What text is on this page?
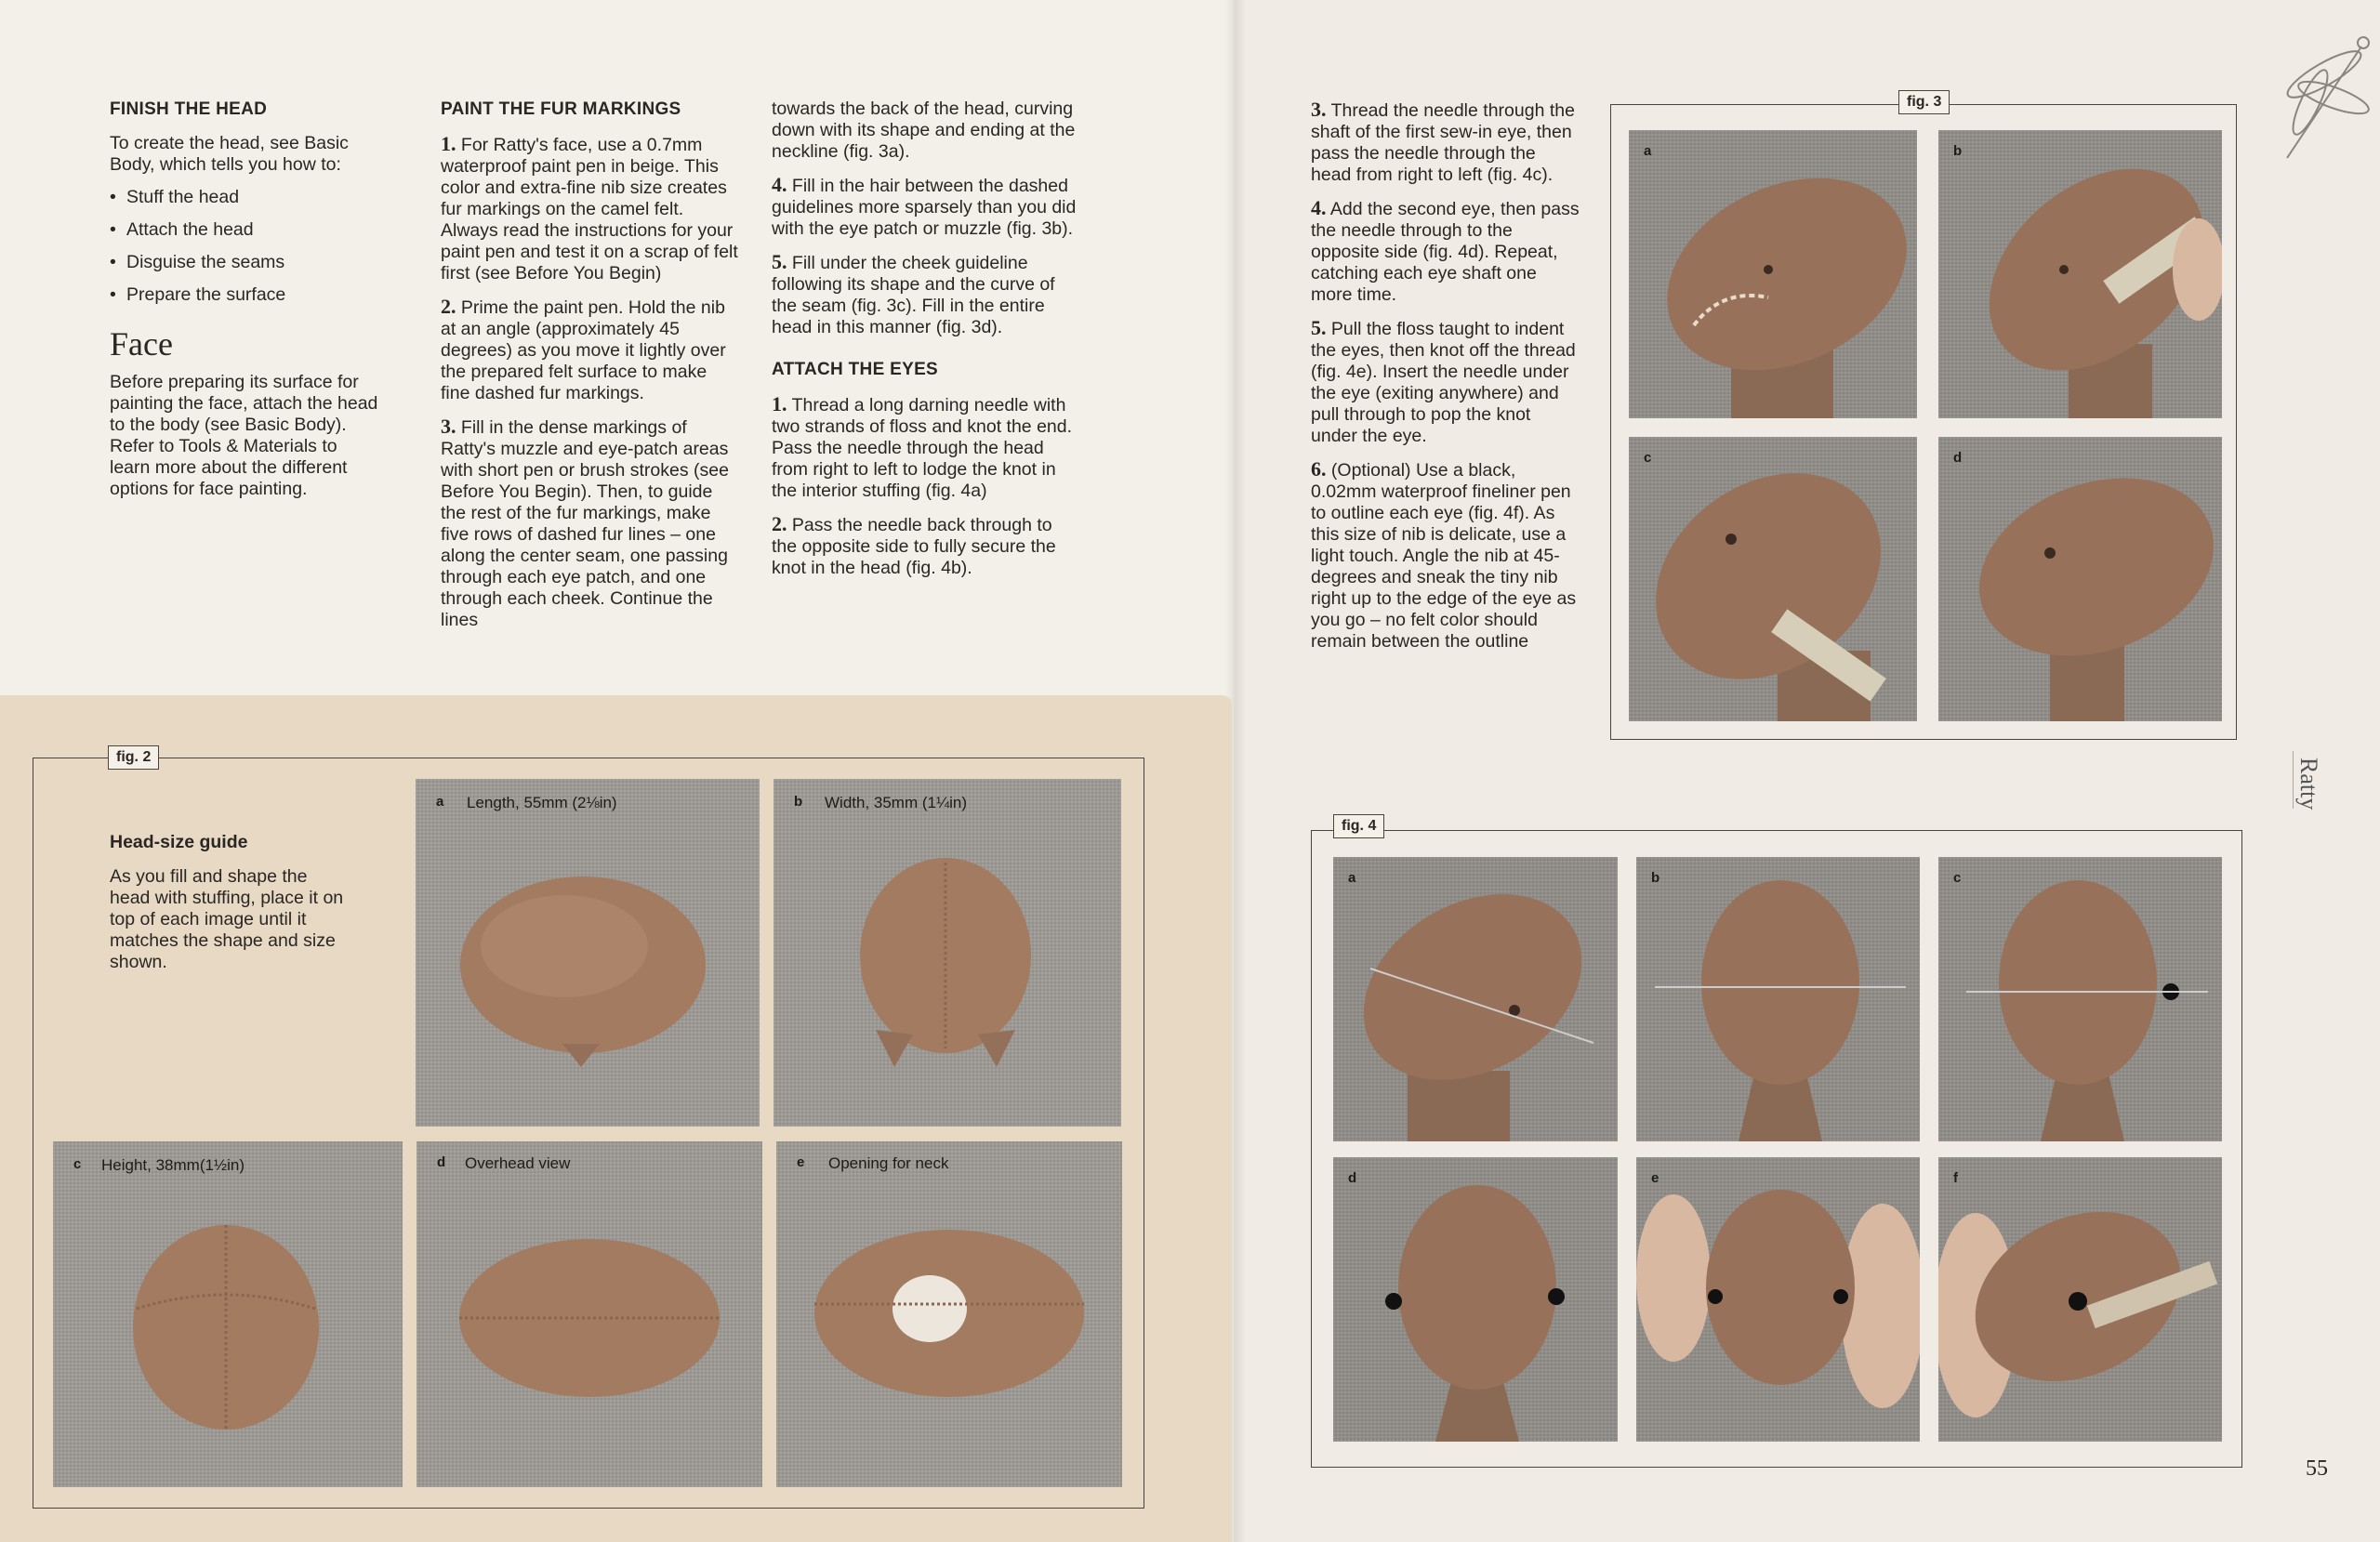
FINISH THE HEAD

To create the head, see Basic Body, which tells you how to:

• Stuff the head
• Attach the head
• Disguise the seams
• Prepare the surface
Face

Before preparing its surface for painting the face, attach the head to the body (see Basic Body). Refer to Tools & Materials to learn more about the different options for face painting.

PAINT THE FUR MARKINGS

1. For Ratty's face, use a 0.7mm waterproof paint pen in beige. This color and extra-fine nib size creates fur markings on the camel felt. Always read the instructions for your paint pen and test it on a scrap of felt first (see Before You Begin)

2. Prime the paint pen. Hold the nib at an angle (approximately 45 degrees) as you move it lightly over the prepared felt surface to make fine dashed fur markings.

3. Fill in the dense markings of Ratty's muzzle and eye-patch areas with short pen or brush strokes (see Before You Begin). Then, to guide the rest of the fur markings, make five rows of dashed fur lines – one along the center seam, one passing through each eye patch, and one through each cheek. Continue the lines

towards the back of the head, curving down with its shape and ending at the neckline (fig. 3a).

4. Fill in the hair between the dashed guidelines more sparsely than you did with the eye patch or muzzle (fig. 3b).

5. Fill under the cheek guideline following its shape and the curve of the seam (fig. 3c). Fill in the entire head in this manner (fig. 3d).

ATTACH THE EYES

1. Thread a long darning needle with two strands of floss and knot the end. Pass the needle through the head from right to left to lodge the knot in the interior stuffing (fig. 4a)

2. Pass the needle back through to the opposite side to fully secure the knot in the head (fig. 4b).

fig. 2
Head-size guide

As you fill and shape the head with stuffing, place it on top of each image until it matches the shape and size shown.

a Length, 55mm (2⅛in)	b Width, 35mm (1¼in)
c Height, 38mm(1½in)	d Overhead view	e Opening for neck

3. Thread the needle through the shaft of the first sew-in eye, then pass the needle through the head from right to left (fig. 4c).

4. Add the second eye, then pass the needle through to the opposite side (fig. 4d). Repeat, catching each eye shaft one more time.

5. Pull the floss taught to indent the eyes, then knot off the thread (fig. 4e). Insert the needle under the eye (exiting anywhere) and pull through to pop the knot under the eye.

6. (Optional) Use a black, 0.02mm waterproof fineliner pen to outline each eye (fig. 4f). As this size of nib is delicate, use a light touch. Angle the nib at 45-degrees and sneak the tiny nib right up to the edge of the eye as you go – no felt color should remain between the outline

fig. 3
a	b
c	d
Ratty
fig. 4
a	b	c
d	e	f
55
